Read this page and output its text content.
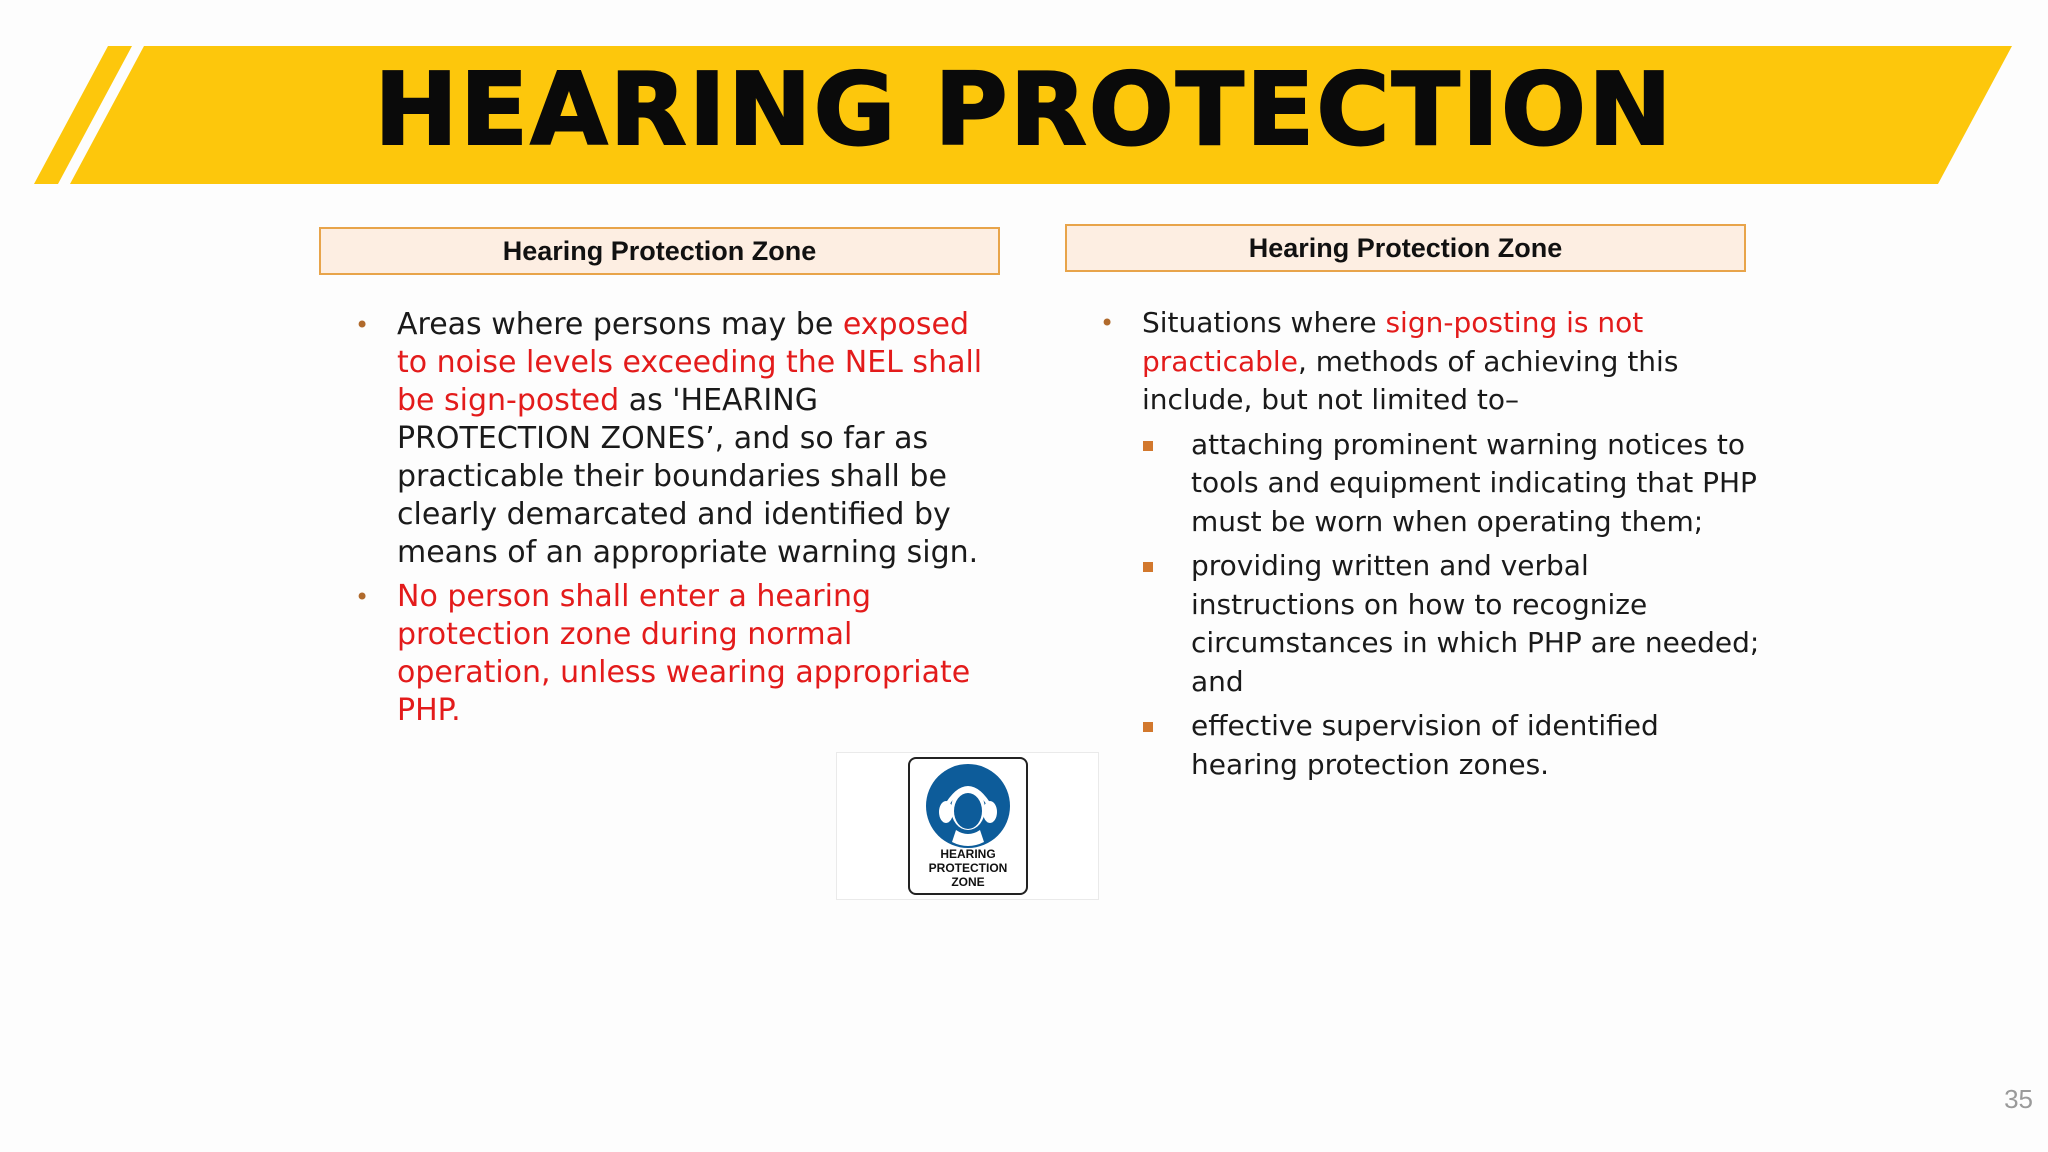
HEARING PROTECTION
Hearing Protection Zone
• Areas where persons may be exposed to noise levels exceeding the NEL shall be sign-posted as 'HEARING PROTECTION ZONES’, and so far as practicable their boundaries shall be clearly demarcated and identified by means of an appropriate warning sign.
• No person shall enter a hearing protection zone during normal operation, unless wearing appropriate PHP.
Hearing Protection Zone
• Situations where sign-posting is not practicable, methods of achieving this include, but not limited to–
attaching prominent warning notices to tools and equipment indicating that PHP must be worn when operating them;
providing written and verbal instructions on how to recognize circumstances in which PHP are needed; and
effective supervision of identified hearing protection zones.
HEARING
PROTECTION
ZONE
35
